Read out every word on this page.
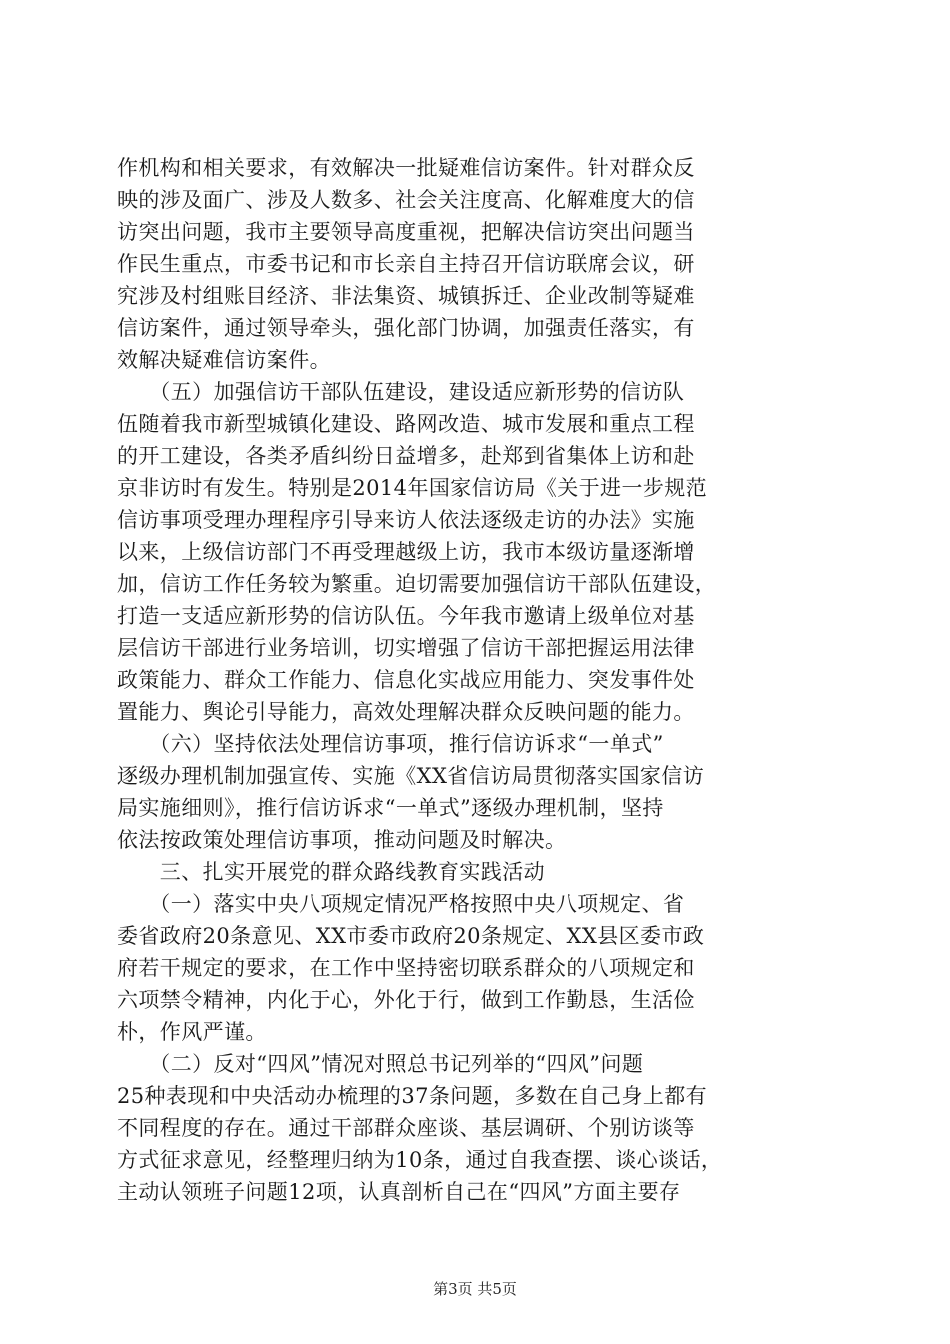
作机构和相关要求，有效解决一批疑难信访案件。针对群众反
映的涉及面广、涉及人数多、社会关注度高、化解难度大的信
访突出问题，我市主要领导高度重视，把解决信访突出问题当
作民生重点，市委书记和市长亲自主持召开信访联席会议，研
究涉及村组账目经济、非法集资、城镇拆迁、企业改制等疑难
信访案件，通过领导牵头，强化部门协调，加强责任落实，有
效解决疑难信访案件。
　　（五）加强信访干部队伍建设，建设适应新形势的信访队
伍随着我市新型城镇化建设、路网改造、城市发展和重点工程
的开工建设，各类矛盾纠纷日益增多，赴郑到省集体上访和赴
京非访时有发生。特别是2014年国家信访局《关于进一步规范
信访事项受理办理程序引导来访人依法逐级走访的办法》实施
以来，上级信访部门不再受理越级上访，我市本级访量逐渐增
加，信访工作任务较为繁重。迫切需要加强信访干部队伍建设，
打造一支适应新形势的信访队伍。今年我市邀请上级单位对基
层信访干部进行业务培训，切实增强了信访干部把握运用法律
政策能力、群众工作能力、信息化实战应用能力、突发事件处
置能力、舆论引导能力，高效处理解决群众反映问题的能力。
　　（六）坚持依法处理信访事项，推行信访诉求“一单式”
逐级办理机制加强宣传、实施《XX省信访局贯彻落实国家信访
局实施细则》，推行信访诉求“一单式”逐级办理机制，坚持
依法按政策处理信访事项，推动问题及时解决。
　　三、扎实开展党的群众路线教育实践活动
　　（一）落实中央八项规定情况严格按照中央八项规定、省
委省政府20条意见、XX市委市政府20条规定、XX县区委市政
府若干规定的要求，在工作中坚持密切联系群众的八项规定和
六项禁令精神，内化于心，外化于行，做到工作勤恳，生活俭
朴，作风严谨。
　　（二）反对“四风”情况对照总书记列举的“四风”问题
25种表现和中央活动办梳理的37条问题，多数在自己身上都有
不同程度的存在。通过干部群众座谈、基层调研、个别访谈等
方式征求意见，经整理归纳为10条，通过自我查摆、谈心谈话，
主动认领班子问题12项，认真剖析自己在“四风”方面主要存
第3页 共5页
